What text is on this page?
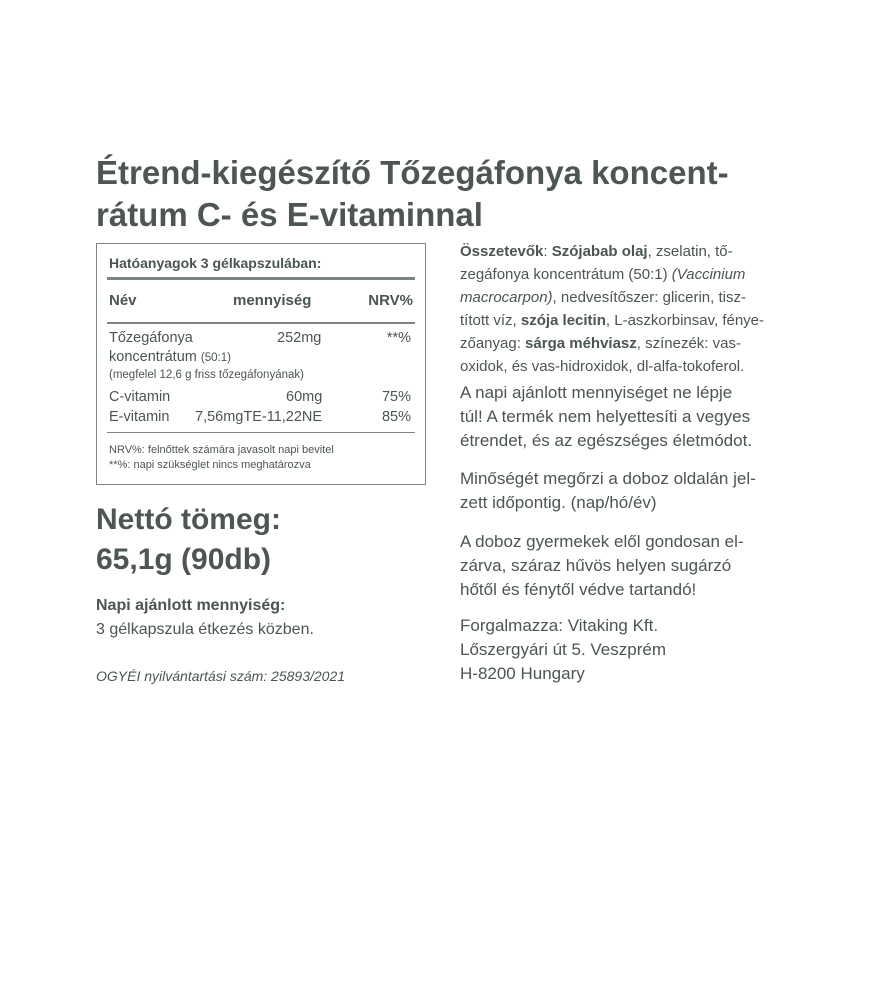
Étrend-kiegészítő Tőzegáfonya koncent-
rátum C- és E-vitaminnal
Hatóanyagok 3 gélkapszulában:
Név	mennyiség	NRV%
Tőzegáfonya	252mg	**%
koncentrátum (50:1)
(megfelel 12,6 g friss tőzegáfonyának)
C-vitamin	60mg	75%
E-vitamin 7,56mgTE-11,22NE	85%
NRV%: felnőttek számára javasolt napi bevitel
**%: napi szükséglet nincs meghatározva
Nettó tömeg:
65,1g (90db)
Napi ajánlott mennyiség:
3 gélkapszula étkezés közben.
OGYÉI nyilvántartási szám: 25893/2021
Összetevők: Szójabab olaj, zselatin, tő-
zegáfonya koncentrátum (50:1) (Vaccinium
macrocarpon), nedvesítőszer: glicerin, tisz-
tított víz, szója lecitin, L-aszkorbinsav, fénye-
zőanyag: sárga méhviasz, színezék: vas-
oxidok, és vas-hidroxidok, dl-alfa-tokoferol.
A napi ajánlott mennyiséget ne lépje
túl! A termék nem helyettesíti a vegyes
étrendet, és az egészséges életmódot.
Minőségét megőrzi a doboz oldalán jel-
zett időpontig. (nap/hó/év)
A doboz gyermekek elől gondosan el-
zárva, száraz hűvös helyen sugárzó
hőtől és fénytől védve tartandó!
Forgalmazza: Vitaking Kft.
Lőszergyári út 5. Veszprém
H-8200 Hungary
